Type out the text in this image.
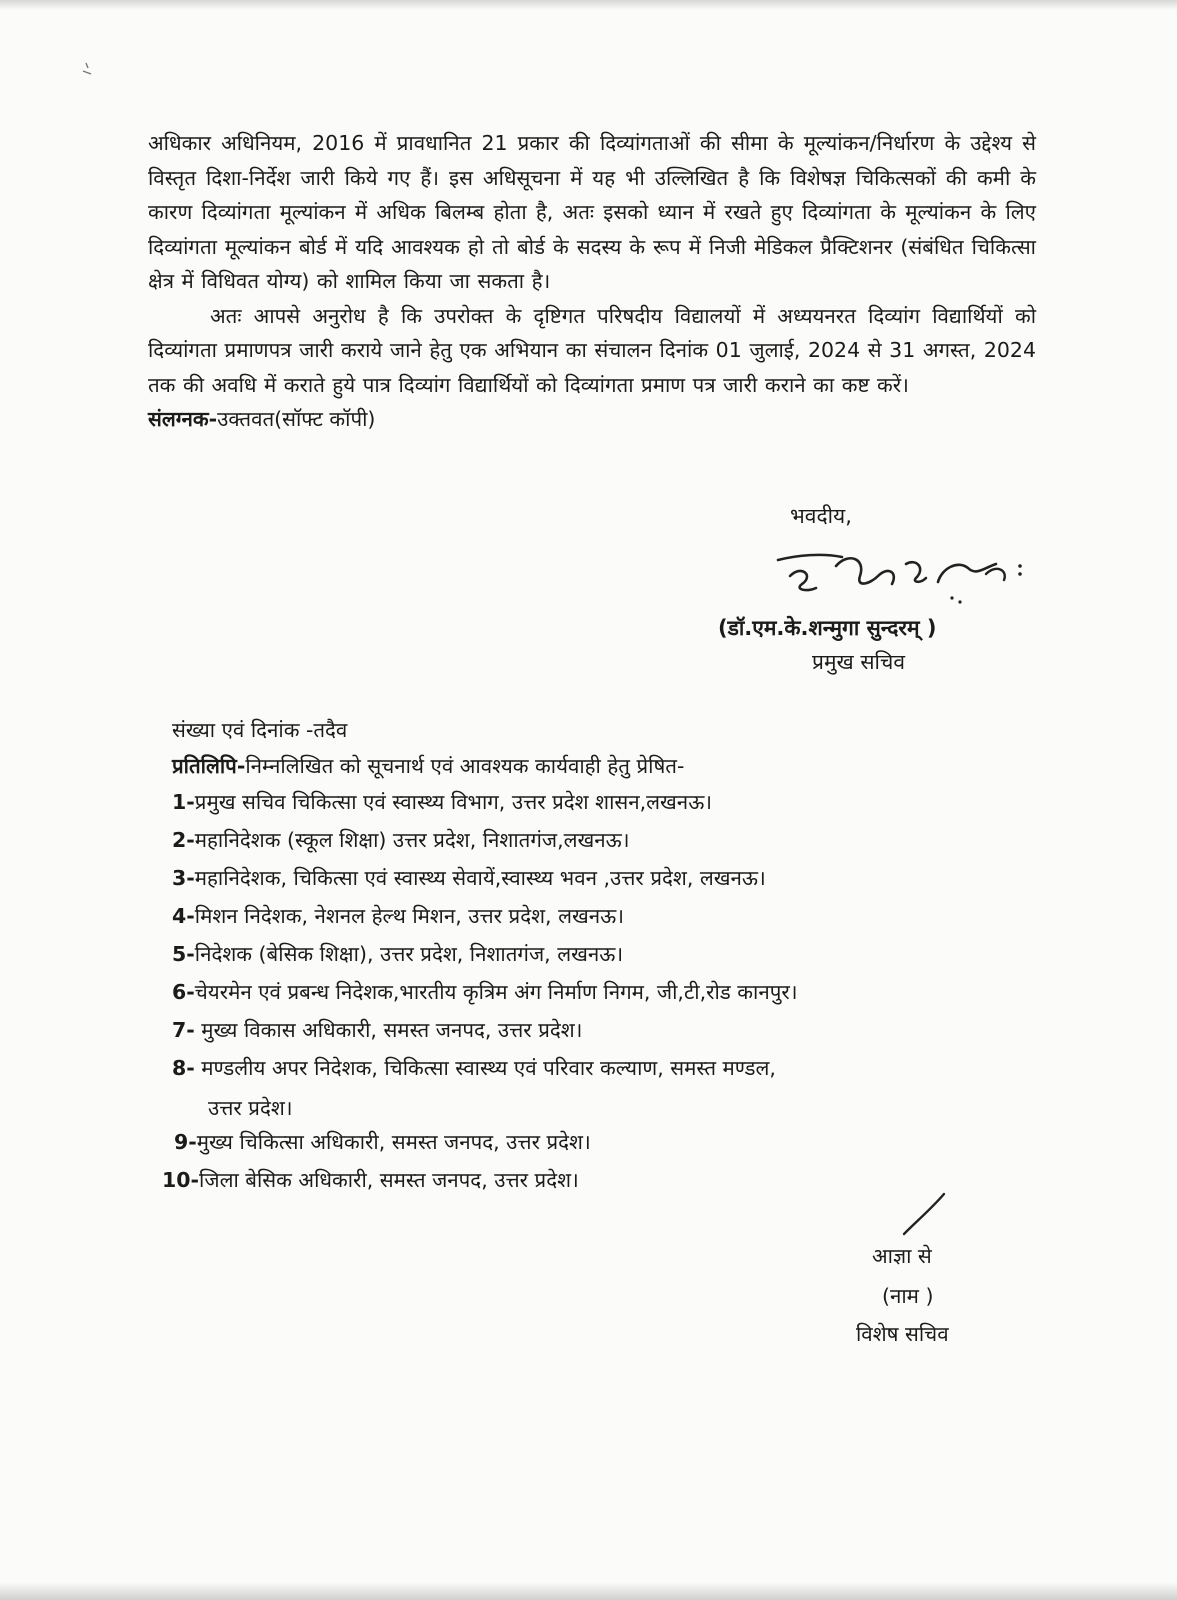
अधिकार अधिनियम, 2016 में प्रावधानित 21 प्रकार की दिव्यांगताओं की सीमा के मूल्यांकन/निर्धारण के उद्देश्य से विस्तृत दिशा-निर्देश जारी किये गए हैं। इस अधिसूचना में यह भी उल्लिखित है कि विशेषज्ञ चिकित्सकों की कमी के कारण दिव्यांगता मूल्यांकन में अधिक बिलम्ब होता है, अतः इसको ध्यान में रखते हुए दिव्यांगता के मूल्यांकन के लिए दिव्यांगता मूल्यांकन बोर्ड में यदि आवश्यक हो तो बोर्ड के सदस्य के रूप में निजी मेडिकल प्रैक्टिशनर (संबंधित चिकित्सा क्षेत्र में विधिवत योग्य) को शामिल किया जा सकता है।

अतः आपसे अनुरोध है कि उपरोक्त के दृष्टिगत परिषदीय विद्यालयों में अध्ययनरत दिव्यांग विद्यार्थियों को दिव्यांगता प्रमाणपत्र जारी कराये जाने हेतु एक अभियान का संचालन दिनांक 01 जुलाई, 2024 से 31 अगस्त, 2024 तक की अवधि में कराते हुये पात्र दिव्यांग विद्यार्थियों को दिव्यांगता प्रमाण पत्र जारी कराने का कष्ट करें।

संलग्नक-उक्तवत(सॉफ्ट कॉपी)

भवदीय,
(डॉ.एम.के.शन्मुगा सुन्दरम् )
प्रमुख सचिव
संख्या एवं दिनांक -तदैव
प्रतिलिपि-निम्नलिखित को सूचनार्थ एवं आवश्यक कार्यवाही हेतु प्रेषित-
1-प्रमुख सचिव चिकित्सा एवं स्वास्थ्य विभाग, उत्तर प्रदेश शासन,लखनऊ।
2-महानिदेशक (स्कूल शिक्षा) उत्तर प्रदेश, निशातगंज,लखनऊ।
3-महानिदेशक, चिकित्सा एवं स्वास्थ्य सेवायें,स्वास्थ्य भवन ,उत्तर प्रदेश, लखनऊ।
4-मिशन निदेशक, नेशनल हेल्थ मिशन, उत्तर प्रदेश, लखनऊ।
5-निदेशक (बेसिक शिक्षा), उत्तर प्रदेश, निशातगंज, लखनऊ।
6-चेयरमेन एवं प्रबन्ध निदेशक,भारतीय कृत्रिम अंग निर्माण निगम, जी,टी,रोड कानपुर।
7- मुख्य विकास अधिकारी, समस्त जनपद, उत्तर प्रदेश।
8- मण्डलीय अपर निदेशक, चिकित्सा स्वास्थ्य एवं परिवार कल्याण, समस्त मण्डल,
उत्तर प्रदेश।
9-मुख्य चिकित्सा अधिकारी, समस्त जनपद, उत्तर प्रदेश।
10-जिला बेसिक अधिकारी, समस्त जनपद, उत्तर प्रदेश।
आज्ञा से
(नाम )
विशेष सचिव
